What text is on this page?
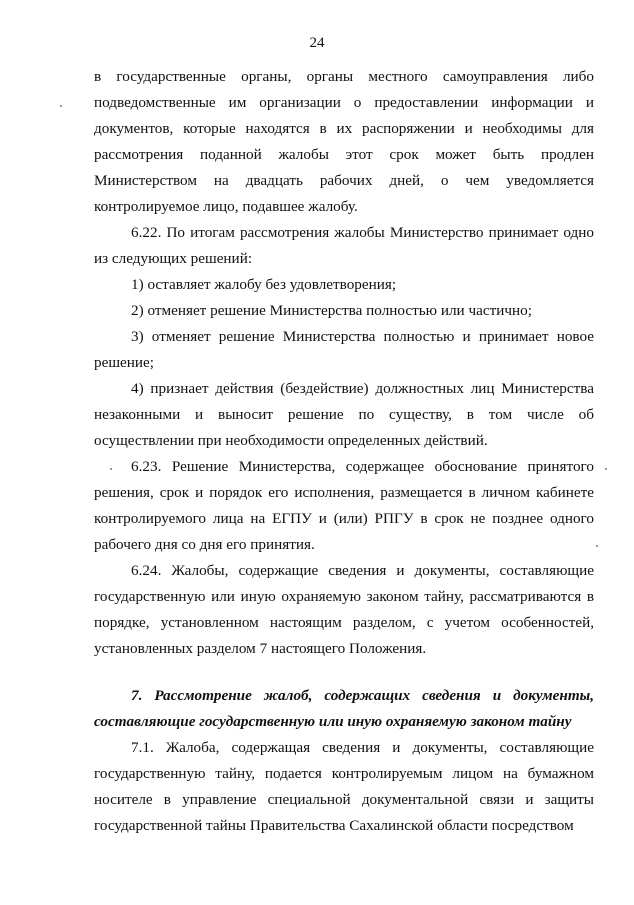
24

в государственные органы, органы местного самоуправления либо подведомственные им организации о предоставлении информации и документов, которые находятся в их распоряжении и необходимы для рассмотрения поданной жалобы этот срок может быть продлен Министерством на двадцать рабочих дней, о чем уведомляется контролируемое лицо, подавшее жалобу.

6.22. По итогам рассмотрения жалобы Министерство принимает одно из следующих решений:

1) оставляет жалобу без удовлетворения;

2) отменяет решение Министерства полностью или частично;

3) отменяет решение Министерства полностью и принимает новое решение;

4) признает действия (бездействие) должностных лиц Министерства незаконными и выносит решение по существу, в том числе об осуществлении при необходимости определенных действий.

6.23. Решение Министерства, содержащее обоснование принятого решения, срок и порядок его исполнения, размещается в личном кабинете контролируемого лица на ЕГПУ и (или) РПГУ в срок не позднее одного рабочего дня со дня его принятия.

6.24. Жалобы, содержащие сведения и документы, составляющие государственную или иную охраняемую законом тайну, рассматриваются в порядке, установленном настоящим разделом, с учетом особенностей, установленных разделом 7 настоящего Положения.

7. Рассмотрение жалоб, содержащих сведения и документы, составляющие государственную или иную охраняемую законом тайну

7.1. Жалоба, содержащая сведения и документы, составляющие государственную тайну, подается контролируемым лицом на бумажном носителе в управление специальной документальной связи и защиты государственной тайны Правительства Сахалинской области посредством
